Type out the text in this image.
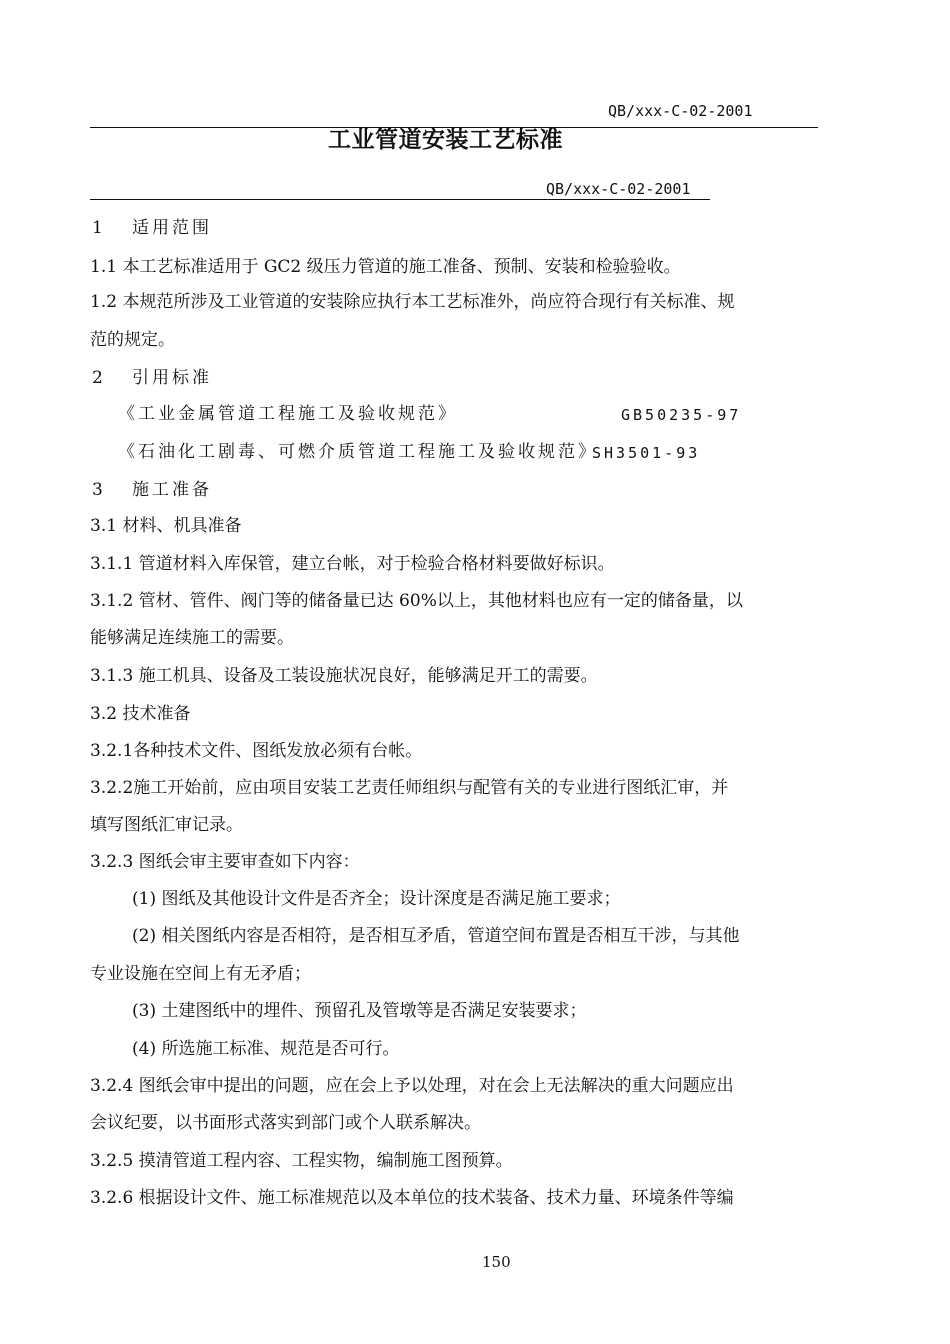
QB/xxx-C-02-2001
工业管道安装工艺标准
QB/xxx-C-02-2001
1 适用范围
1.1 本工艺标准适用于 GC2 级压力管道的施工准备、预制、安装和检验验收。
1.2 本规范所涉及工业管道的安装除应执行本工艺标准外，尚应符合现行有关标准、规
范的规定。
2 引用标准
《工业金属管道工程施工及验收规范》	GB50235-97
《石油化工剧毒、可燃介质管道工程施工及验收规范》
SH3501-93
3 施工准备
3.1 材料、机具准备
3.1.1 管道材料入库保管，建立台帐，对于检验合格材料要做好标识。
3.1.2 管材、管件、阀门等的储备量已达 60%以上，其他材料也应有一定的储备量，以
能够满足连续施工的需要。
3.1.3 施工机具、设备及工装设施状况良好，能够满足开工的需要。
3.2 技术准备
3.2.1各种技术文件、图纸发放必须有台帐。
3.2.2施工开始前，应由项目安装工艺责任师组织与配管有关的专业进行图纸汇审，并
填写图纸汇审记录。
3.2.3 图纸会审主要审查如下内容：
(1) 图纸及其他设计文件是否齐全；设计深度是否满足施工要求；
(2) 相关图纸内容是否相符，是否相互矛盾，管道空间布置是否相互干涉，与其他
专业设施在空间上有无矛盾；
(3) 土建图纸中的埋件、预留孔及管墩等是否满足安装要求；
(4) 所选施工标准、规范是否可行。
3.2.4 图纸会审中提出的问题，应在会上予以处理，对在会上无法解决的重大问题应出
会议纪要，以书面形式落实到部门或个人联系解决。
3.2.5 摸清管道工程内容、工程实物，编制施工图预算。
3.2.6 根据设计文件、施工标准规范以及本单位的技术装备、技术力量、环境条件等编
150
